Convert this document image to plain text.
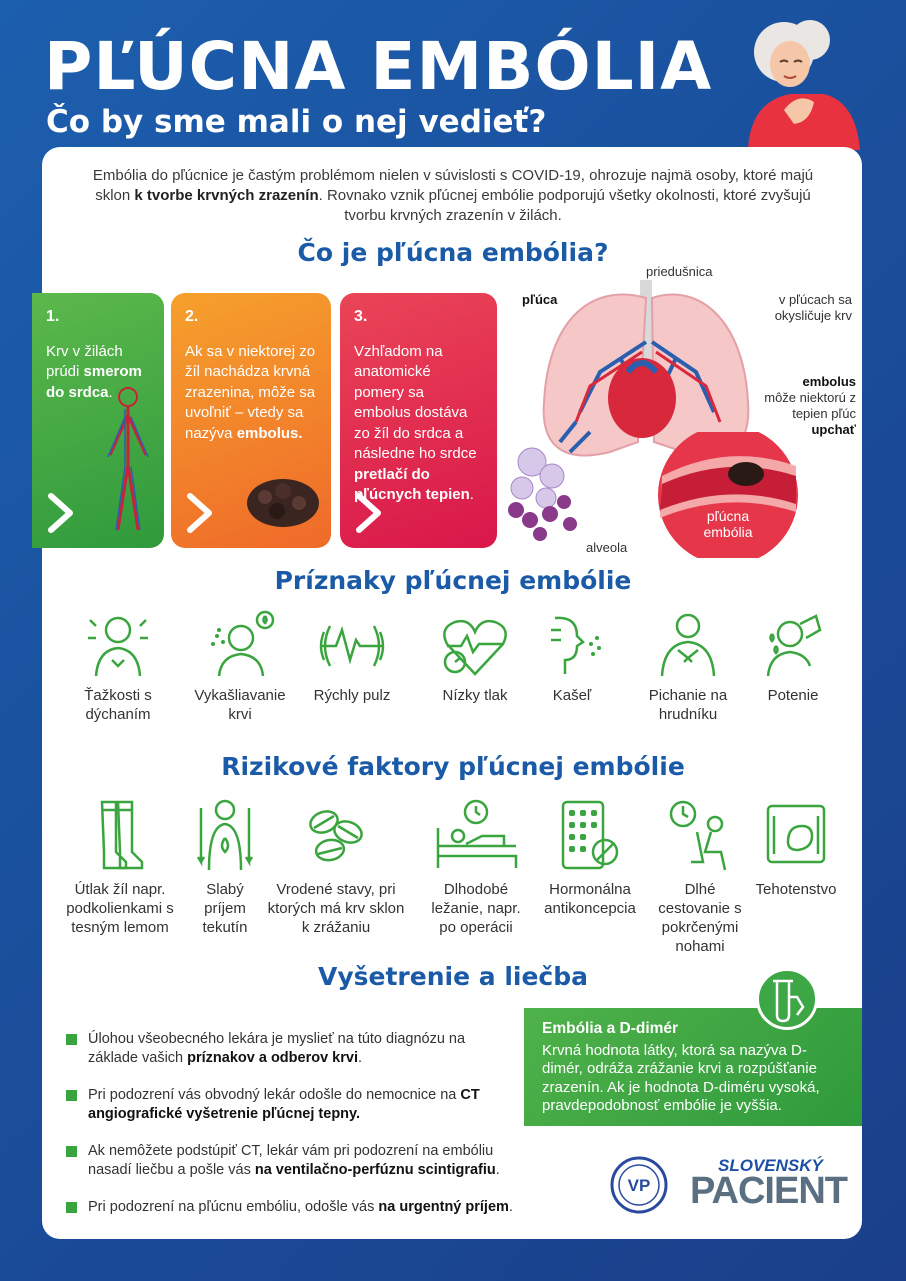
PĽÚCNA EMBÓLIA
Čo by sme mali o nej vedieť?

Embólia do pľúcnice je častým problémom nielen v súvislosti s COVID-19, ohrozuje najmä osoby, ktoré majú sklon k tvorbe krvných zrazenín. Rovnako vznik pľúcnej embólie podporujú všetky okolnosti, ktoré zvyšujú tvorbu krvných zrazenín v žilách.

Čo je pľúcna embólia?
1.
Krv v žilách prúdi smerom do srdca.
2.
Ak sa v niektorej zo žíl nachádza krvná zrazenina, môže sa uvoľniť – vtedy sa nazýva embolus.
3.
Vzhľadom na anatomické pomery sa embolus dostáva zo žíl do srdca a následne ho srdce pretlačí do pľúcnych tepien.
priedušnica
pľúca	v pľúcach sa okysličuje krv
embolus
môže niektorú z tepien pľúc upchať
alveola
pľúcna embólia
Príznaky pľúcnej embólie
Ťažkosti s dýchaním
Vykašliavanie krvi
Rýchly pulz	Nízky tlak	Kašeľ	Pichanie na hrudníku
Potenie
Rizikové faktory pľúcnej embólie
Útlak žíl napr. podkolienkami s tesným lemom
Slabý príjem tekutín
Vrodené stavy, pri ktorých má krv sklon k zrážaniu
Dlhodobé ležanie, napr. po operácii
Hormonálna antikoncepcia
Dlhé cestovanie s pokrčenými nohami
Tehotenstvo
Vyšetrenie a liečba
Úlohou všeobecného lekára je myslieť na túto diagnózu na základe vašich príznakov a odberov krvi.
Pri podozrení vás obvodný lekár odošle do nemocnice na CT angiografické vyšetrenie pľúcnej tepny.
Ak nemôžete podstúpiť CT, lekár vám pri podozrení na embóliu nasadí liečbu a pošle vás na ventilačno-perfúznu scintigrafiu.
Pri podozrení na pľúcnu embóliu, odošle vás na urgentný príjem.
Embólia a D-dimér
Krvná hodnota látky, ktorá sa nazýva D-dimér, odráža zrážanie krvi a rozpúšťanie zrazenín. Ak je hodnota D-diméru vysoká, pravdepodobnosť embólie je vyššia.
VP
SLOVENSKÝ
PACIENT
